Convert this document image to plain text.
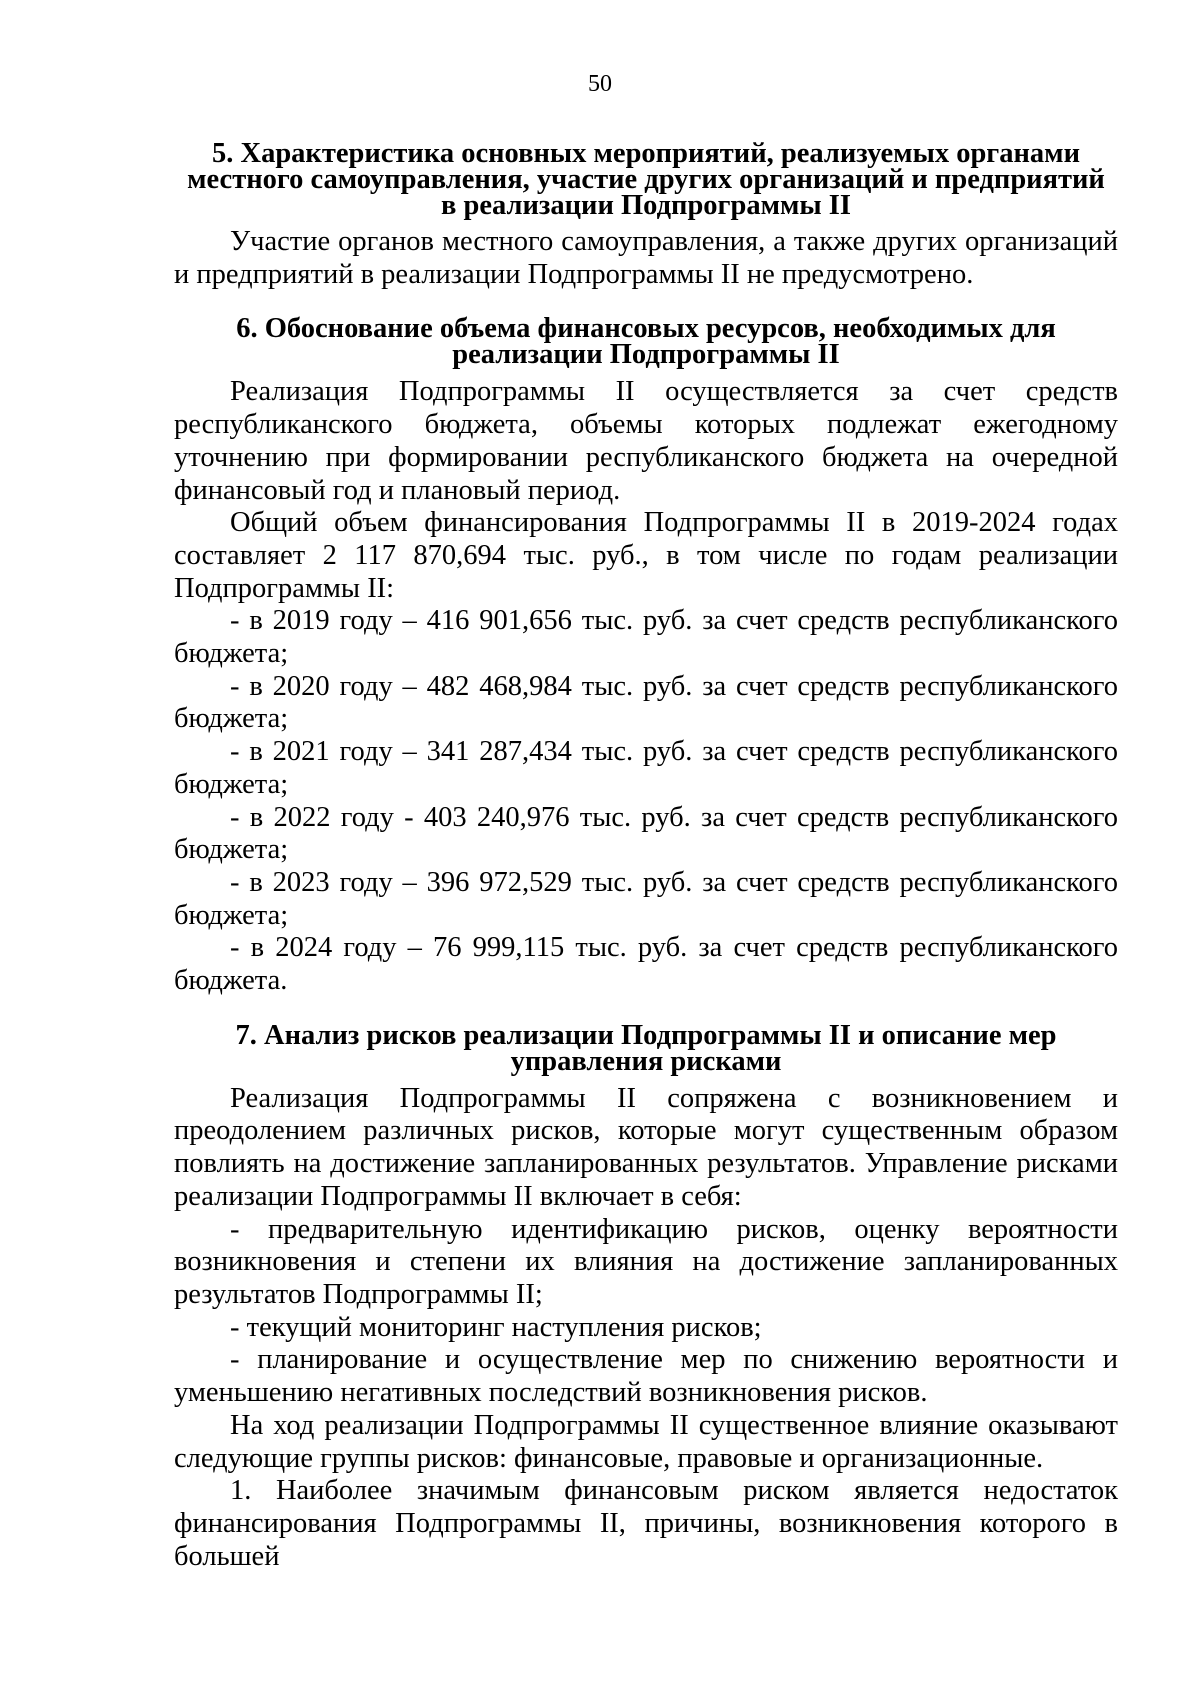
50
5. Характеристика основных мероприятий, реализуемых органами
местного самоуправления, участие других организаций и предприятий
в реализации Подпрограммы II

Участие органов местного самоуправления, а также других организаций и предприятий в реализации Подпрограммы II не предусмотрено.

6. Обоснование объема финансовых ресурсов, необходимых для
реализации Подпрограммы II

Реализация Подпрограммы II осуществляется за счет средств республиканского бюджета, объемы которых подлежат ежегодному уточнению при формировании республиканского бюджета на очередной финансовый год и плановый период.

Общий объем финансирования Подпрограммы II в 2019-2024 годах составляет 2 117 870,694 тыс. руб., в том числе по годам реализации Подпрограммы II:

- в 2019 году – 416 901,656 тыс. руб. за счет средств республиканского бюджета;

- в 2020 году – 482 468,984 тыс. руб. за счет средств республиканского бюджета;

- в 2021 году – 341 287,434 тыс. руб. за счет средств республиканского бюджета;

- в 2022 году - 403 240,976 тыс. руб. за счет средств республиканского бюджета;

- в 2023 году – 396 972,529 тыс. руб. за счет средств республиканского бюджета;

- в 2024 году – 76 999,115 тыс. руб. за счет средств республиканского бюджета.

7. Анализ рисков реализации Подпрограммы II и описание мер
управления рисками

Реализация Подпрограммы II сопряжена с возникновением и преодолением различных рисков, которые могут существенным образом повлиять на достижение запланированных результатов. Управление рисками реализации Подпрограммы II включает в себя:

- предварительную идентификацию рисков, оценку вероятности возникновения и степени их влияния на достижение запланированных результатов Подпрограммы II;

- текущий мониторинг наступления рисков;

- планирование и осуществление мер по снижению вероятности и уменьшению негативных последствий возникновения рисков.

На ход реализации Подпрограммы II существенное влияние оказывают следующие группы рисков: финансовые, правовые и организационные.

1. Наиболее значимым финансовым риском является недостаток финансирования Подпрограммы II, причины, возникновения которого в большей
